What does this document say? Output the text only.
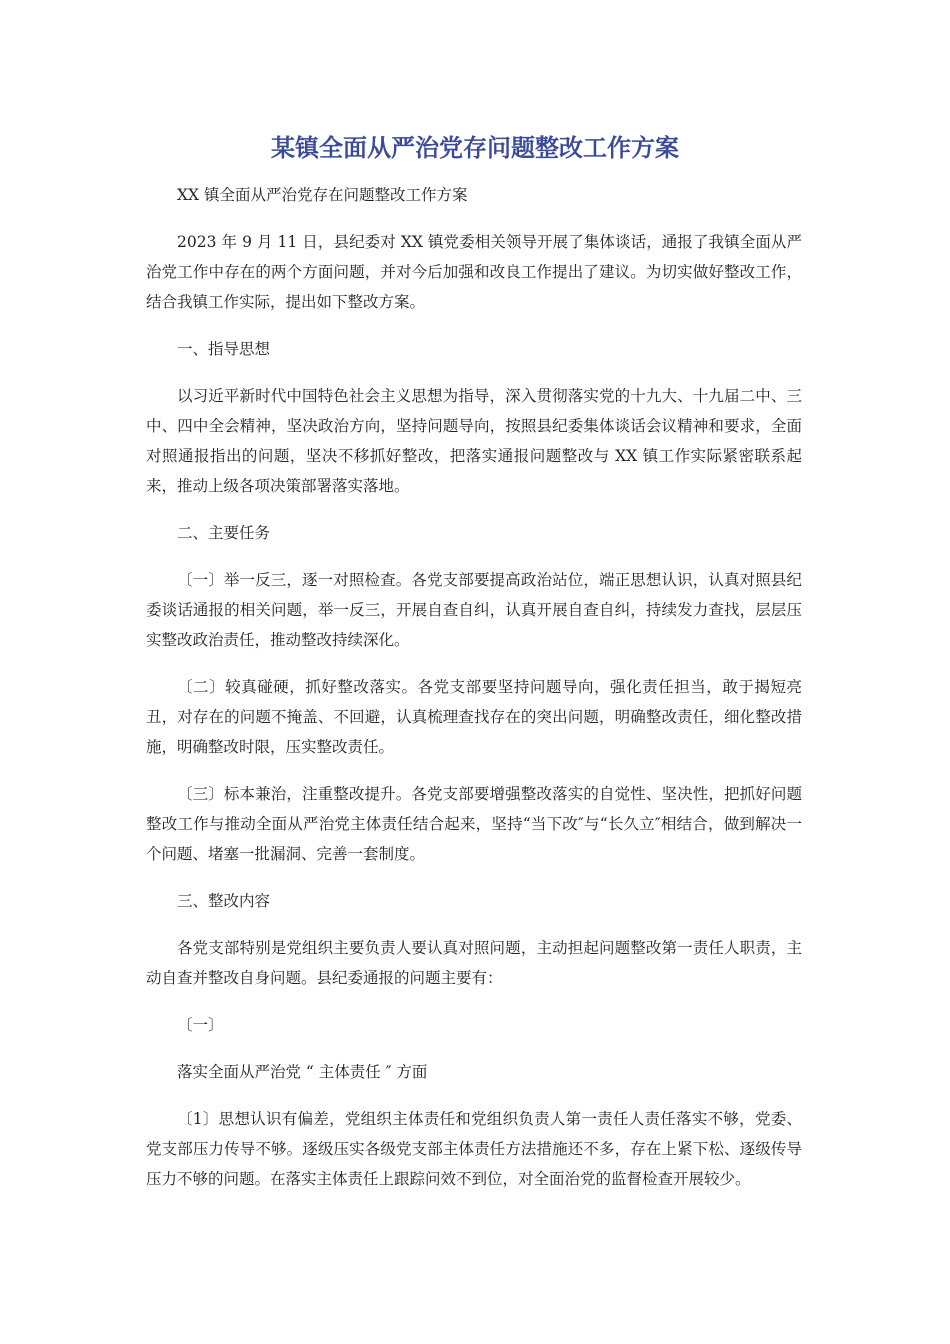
某镇全面从严治党存问题整改工作方案

XX 镇全面从严治党存在问题整改工作方案

2023 年 9 月 11 日，县纪委对 XX 镇党委相关领导开展了集体谈话，通报了我镇全面从严治党工作中存在的两个方面问题，并对今后加强和改良工作提出了建议。为切实做好整改工作，结合我镇工作实际，提出如下整改方案。

一、指导思想

以习近平新时代中国特色社会主义思想为指导，深入贯彻落实党的十九大、十九届二中、三中、四中全会精神，坚决政治方向，坚持问题导向，按照县纪委集体谈话会议精神和要求，全面对照通报指出的问题，坚决不移抓好整改，把落实通报问题整改与 XX 镇工作实际紧密联系起来，推动上级各项决策部署落实落地。

二、主要任务

〔一〕举一反三，逐一对照检查。各党支部要提高政治站位，端正思想认识，认真对照县纪委谈话通报的相关问题，举一反三，开展自查自纠，认真开展自查自纠，持续发力查找，层层压实整改政治责任，推动整改持续深化。

〔二〕较真碰硬，抓好整改落实。各党支部要坚持问题导向，强化责任担当，敢于揭短亮丑，对存在的问题不掩盖、不回避，认真梳理查找存在的突出问题，明确整改责任，细化整改措施，明确整改时限，压实整改责任。

〔三〕标本兼治，注重整改提升。各党支部要增强整改落实的自觉性、坚决性，把抓好问题整改工作与推动全面从严治党主体责任结合起来，坚持“当下改″与“长久立″相结合，做到解决一个问题、堵塞一批漏洞、完善一套制度。

三、整改内容

各党支部特别是党组织主要负责人要认真对照问题，主动担起问题整改第一责任人职责，主动自查并整改自身问题。县纪委通报的问题主要有：

〔一〕

落实全面从严治党 “ 主体责任 ″ 方面

〔1〕思想认识有偏差，党组织主体责任和党组织负责人第一责任人责任落实不够，党委、党支部压力传导不够。逐级压实各级党支部主体责任方法措施还不多，存在上紧下松、逐级传导压力不够的问题。在落实主体责任上跟踪问效不到位，对全面治党的监督检查开展较少。
